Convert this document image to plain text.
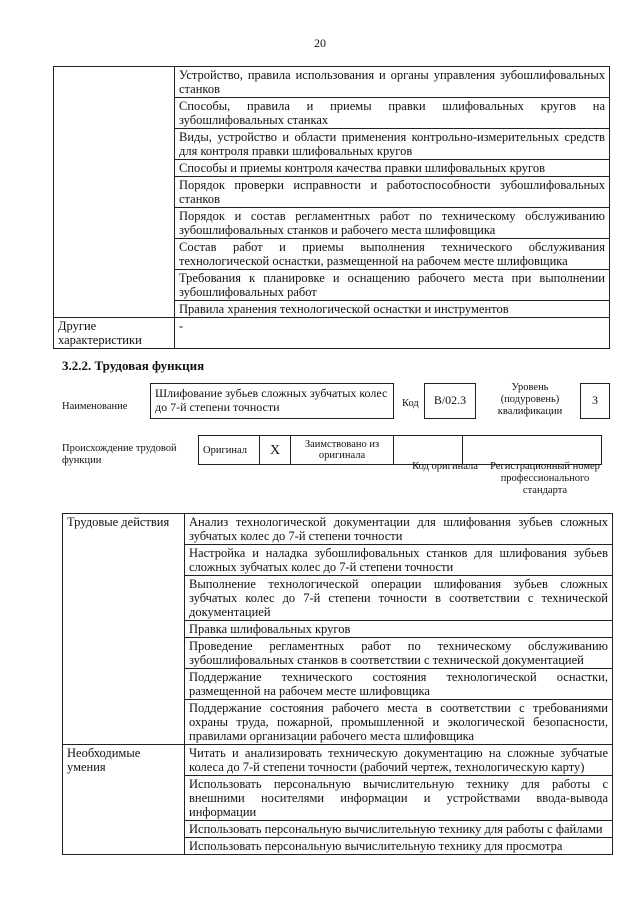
20
	Устройство, правила использования и органы управления зубошлифовальных станков
	Способы, правила и приемы правки шлифовальных кругов на зубошлифовальных станках
	Виды, устройство и области применения контрольно-измерительных средств для контроля правки шлифовальных кругов
	Способы и приемы контроля качества правки шлифовальных кругов
	Порядок проверки исправности и работоспособности зубошлифовальных станков
	Порядок и состав регламентных работ по техническому обслуживанию зубошлифовальных станков и рабочего места шлифовщика
	Состав работ и приемы выполнения технического обслуживания технологической оснастки, размещенной на рабочем месте шлифовщика
	Требования к планировке и оснащению рабочего места при выполнении зубошлифовальных работ
	Правила хранения технологической оснастки и инструментов
Другие характеристики	-
3.2.2. Трудовая функция
Наименование
Шлифование зубьев сложных зубчатых колес до 7-й степени точности	Код	B/02.3
Уровень (подуровень) квалификации
3
Происхождение трудовой функции
Оригинал	X	Заимствовано из оригинала		
Код оригинала	Регистрационный номер профессионального стандарта
Трудовые действия	Анализ технологической документации для шлифования зубьев сложных зубчатых колес до 7-й степени точности
	Настройка и наладка зубошлифовальных станков для шлифования зубьев сложных зубчатых колес до 7-й степени точности
	Выполнение технологической операции шлифования зубьев сложных зубчатых колес до 7-й степени точности в соответствии с технической документацией
	Правка шлифовальных кругов
	Проведение регламентных работ по техническому обслуживанию зубошлифовальных станков в соответствии с технической документацией
	Поддержание технического состояния технологической оснастки, размещенной на рабочем месте шлифовщика
	Поддержание состояния рабочего места в соответствии с требованиями охраны труда, пожарной, промышленной и экологической безопасности, правилами организации рабочего места шлифовщика
Необходимые умения	Читать и анализировать техническую документацию на сложные зубчатые колеса до 7-й степени точности (рабочий чертеж, технологическую карту)
	Использовать персональную вычислительную технику для работы с внешними носителями информации и устройствами ввода-вывода информации
	Использовать персональную вычислительную технику для работы с файлами
	Использовать персональную вычислительную технику для просмотра
